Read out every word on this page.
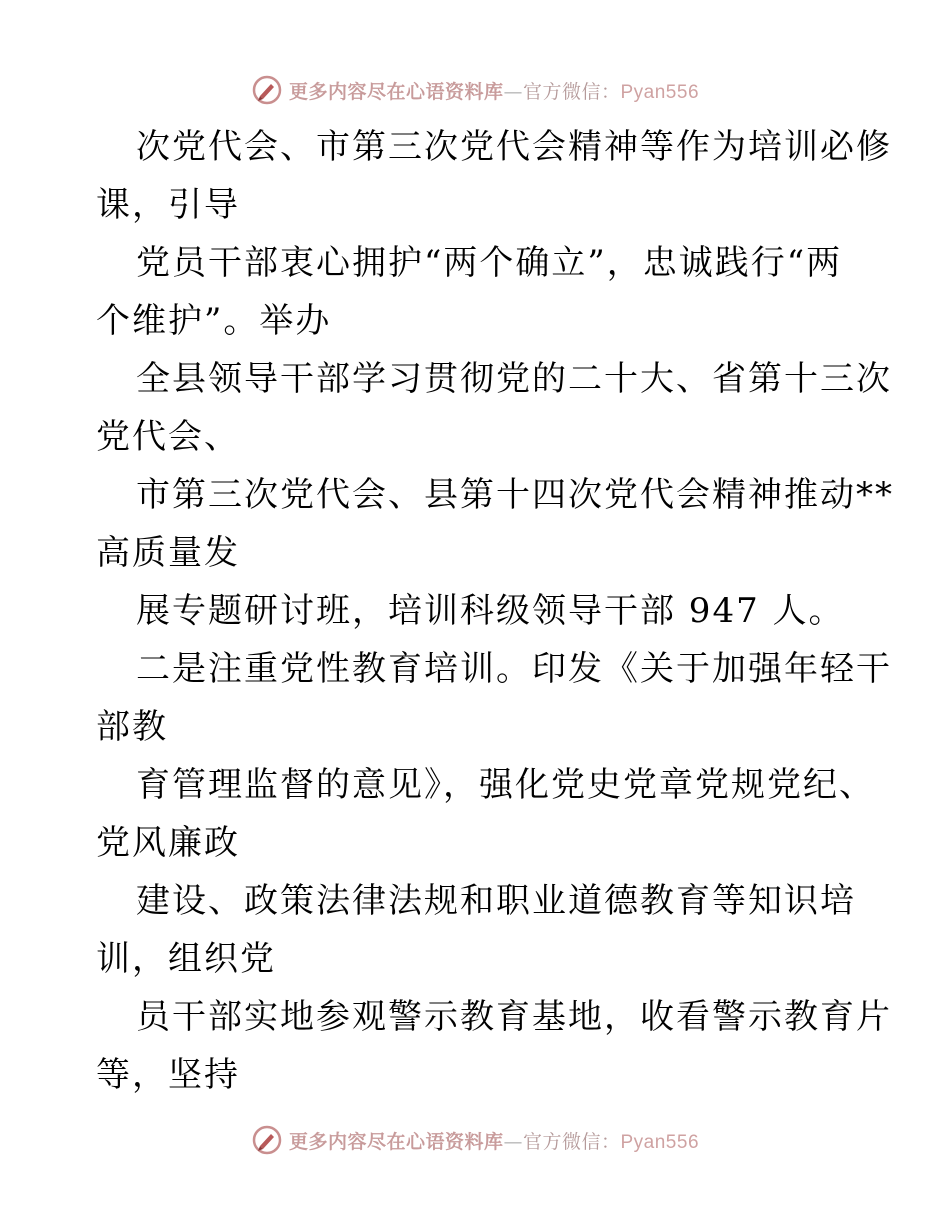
更多内容尽在心语资料库—官方微信：Pyan556
次党代会、市第三次党代会精神等作为培训必修
课，引导
党员干部衷心拥护“两个确立”，忠诚践行“两
个维护”。举办
全县领导干部学习贯彻党的二十大、省第十三次
党代会、
市第三次党代会、县第十四次党代会精神推动**
高质量发
展专题研讨班，培训科级领导干部 947 人。
二是注重党性教育培训。印发《关于加强年轻干
部教
育管理监督的意见》，强化党史党章党规党纪、
党风廉政
建设、政策法律法规和职业道德教育等知识培
训，组织党
员干部实地参观警示教育基地，收看警示教育片
等，坚持
更多内容尽在心语资料库—官方微信：Pyan556
